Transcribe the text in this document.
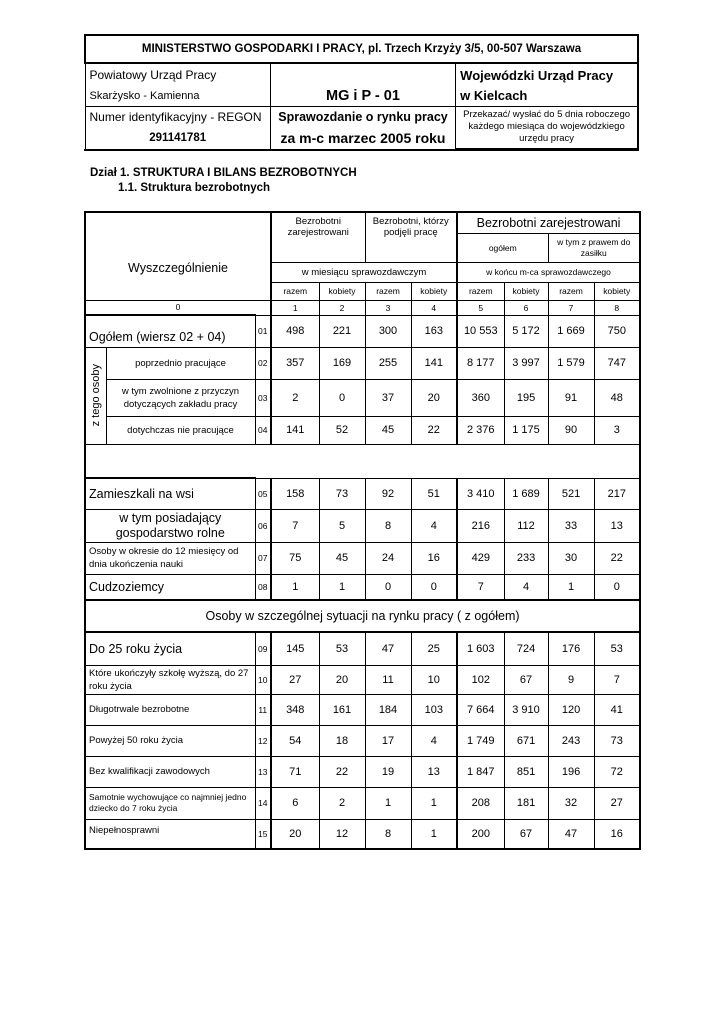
MINISTERSTWO GOSPODARKI I PRACY, pl. Trzech Krzyży 3/5, 00-507 Warszawa		
Powiatowy Urząd Pracy	MG i P - 01	Wojewódzki Urząd Pracy
Skarżysko - Kamienna		w Kielcach
Numer identyfikacyjny - REGON	Sprawozdanie o rynku pracy	Przekazać/ wysłać do 5 dnia roboczego każdego miesiąca do wojewódzkiego urzędu pracy
291141781	za m-c marzec 2005 roku	
Dział 1. STRUKTURA I BILANS BEZROBOTNYCH
1.1. Struktura bezrobotnych
Wyszczególnienie			Bezrobotni zarejestrowani		Bezrobotni, którzy podjęli pracę		Bezrobotni zarejestrowani			
							ogółem		w tym z prawem do zasiłku	
			w miesiącu sprawozdawczym				w końcu m-ca sprawozdawczego			
			razem	kobiety	razem	kobiety	razem	kobiety	razem	kobiety
0			1	2	3	4	5	6	7	8
Ogółem (wiersz 02 + 04)		01	498	221	300	163	10 553	5 172	1 669	750

z tego osoby	poprzednio pracujące	02	357	169	255	141	8 177	3 997	1 579	747
	w tym zwolnione z przyczyn dotyczących zakładu pracy	03	2	0	37	20	360	195	91	48
	dotychczas nie pracujące	04	141	52	45	22	2 376	1 175	90	3

Zamieszkali na wsi		05	158	73	92	51	3 410	1 689	521	217
w tym posiadający gospodarstwo rolne		06	7	5	8	4	216	112	33	13
Osoby w okresie do 12 miesięcy od dnia ukończenia nauki		07	75	45	24	16	429	233	30	22
Cudzoziemcy		08	1	1	0	0	7	4	1	0
Osoby w szczególnej sytuacji na rynku pracy ( z ogółem)										
Do 25 roku życia		09	145	53	47	25	1 603	724	176	53
Które ukończyły szkołę wyższą, do 27 roku życia		10	27	20	11	10	102	67	9	7
Długotrwale bezrobotne		11	348	161	184	103	7 664	3 910	120	41
Powyżej 50 roku życia		12	54	18	17	4	1 749	671	243	73
Bez kwalifikacji zawodowych		13	71	22	19	13	1 847	851	196	72
Samotnie wychowujące co najmniej jedno dziecko do 7 roku życia		14	6	2	1	1	208	181	32	27
Niepełnosprawni		15	20	12	8	1	200	67	47	16
